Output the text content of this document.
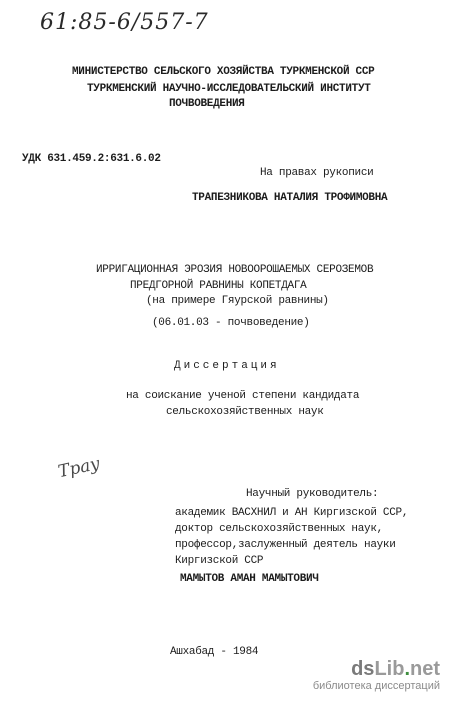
61:85-6/557-7
МИНИСТЕРСТВО СЕЛЬСКОГО ХОЗЯЙСТВА ТУРКМЕНСКОЙ ССР
ТУРКМЕНСКИЙ НАУЧНО-ИССЛЕДОВАТЕЛЬСКИЙ ИНСТИТУТ
ПОЧВОВЕДЕНИЯ
УДК 631.459.2:631.6.02
На правах рукописи
ТРАПЕЗНИКОВА НАТАЛИЯ ТРОФИМОВНА
ИРРИГАЦИОННАЯ ЭРОЗИЯ НОВООРОШАЕМЫХ СЕРОЗЕМОВ
ПРЕДГОРНОЙ РАВНИНЫ КОПЕТДАГА
(на примере Гяурской равнины)
(06.01.03 - почвоведение)
Диссертация
на соискание ученой степени кандидата
сельскохозяйственных наук
Трау
Научный руководитель:
академик ВАСХНИЛ и АН Киргизской ССР,
доктор сельскохозяйственных наук,
профессор,заслуженный деятель науки
Киргизской ССР
МАМЫТОВ АМАН МАМЫТОВИЧ
Ашхабад - 1984
dsLib.net
библиотека диссертаций
